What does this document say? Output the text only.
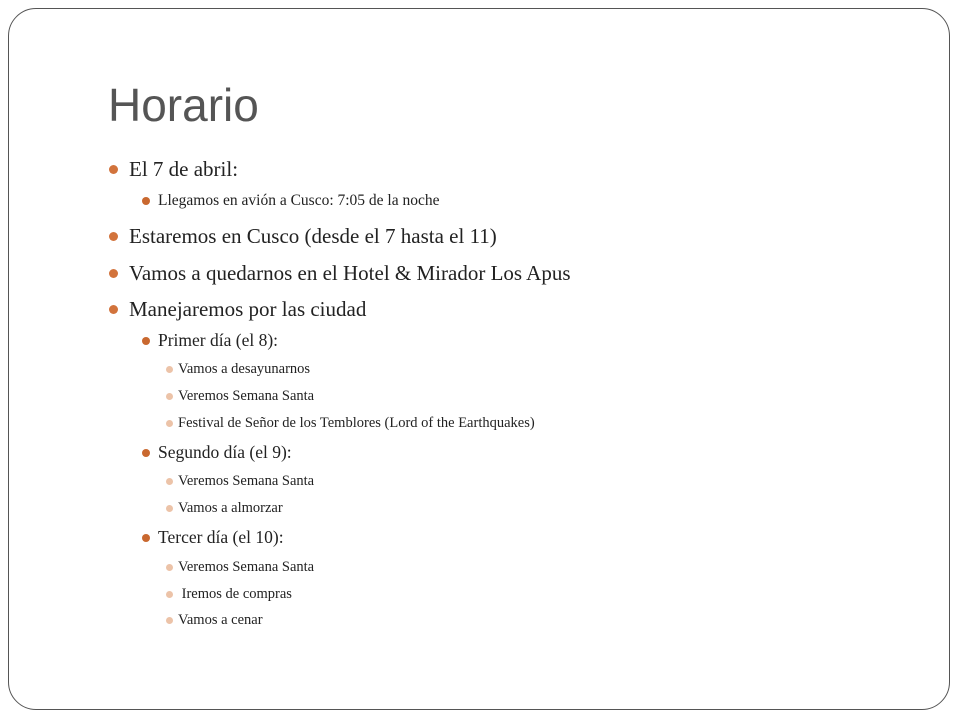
Horario
El 7 de abril:
Llegamos en avión a Cusco: 7:05 de la noche
Estaremos en Cusco (desde el 7 hasta el 11)
Vamos a quedarnos en el Hotel & Mirador Los Apus
Manejaremos por las ciudad
Primer día (el 8):
Vamos a desayunarnos
Veremos Semana Santa
Festival de Señor de los Temblores (Lord of the Earthquakes)
Segundo día (el 9):
Veremos Semana Santa
Vamos a almorzar
Tercer día (el 10):
Veremos Semana Santa
Iremos de compras
Vamos a cenar
